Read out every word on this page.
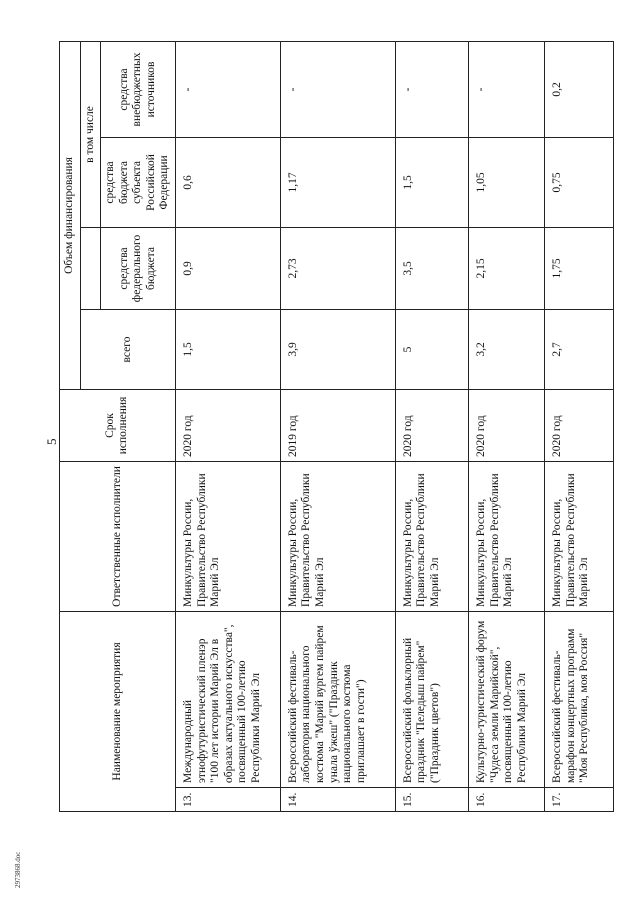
5
2973868.doc
Наименование мероприятия		Ответственные исполнители	Срок исполнения	Объем финансирования			
				всего		в том числе	

					средства федерального бюджета	средства бюджета субъекта Российской Федерации	средства внебюджетных источников
13.	Международный этнофутуристический пленэр "100 лет истории Марий Эл в образах актуального искусства", посвященный 100-летию Республики Марий Эл	Минкультуры России, Правительство Республики Марий Эл	2020 год	1,5	0,9	0,6	-
14.	Всероссийский фестиваль-лаборатория национального костюма "Марий вургем пайрем унала ўжеш" ("Праздник национального костюма приглашает в гости")	Минкультуры России, Правительство Республики Марий Эл	2019 год	3,9	2,73	1,17	-
15.	Всероссийский фольклорный праздник "Пеледыш пайрем" ("Праздник цветов")	Минкультуры России, Правительство Республики Марий Эл	2020 год	5	3,5	1,5	-
16.	Культурно-туристический форум "Чудеса земли Марийской", посвященный 100-летию Республики Марий Эл	Минкультуры России, Правительство Республики Марий Эл	2020 год	3,2	2,15	1,05	-
17.	Всероссийский фестиваль-марафон концертных программ "Моя Республика, моя Россия"	Минкультуры России, Правительство Республики Марий Эл	2020 год	2,7	1,75	0,75	0,2
